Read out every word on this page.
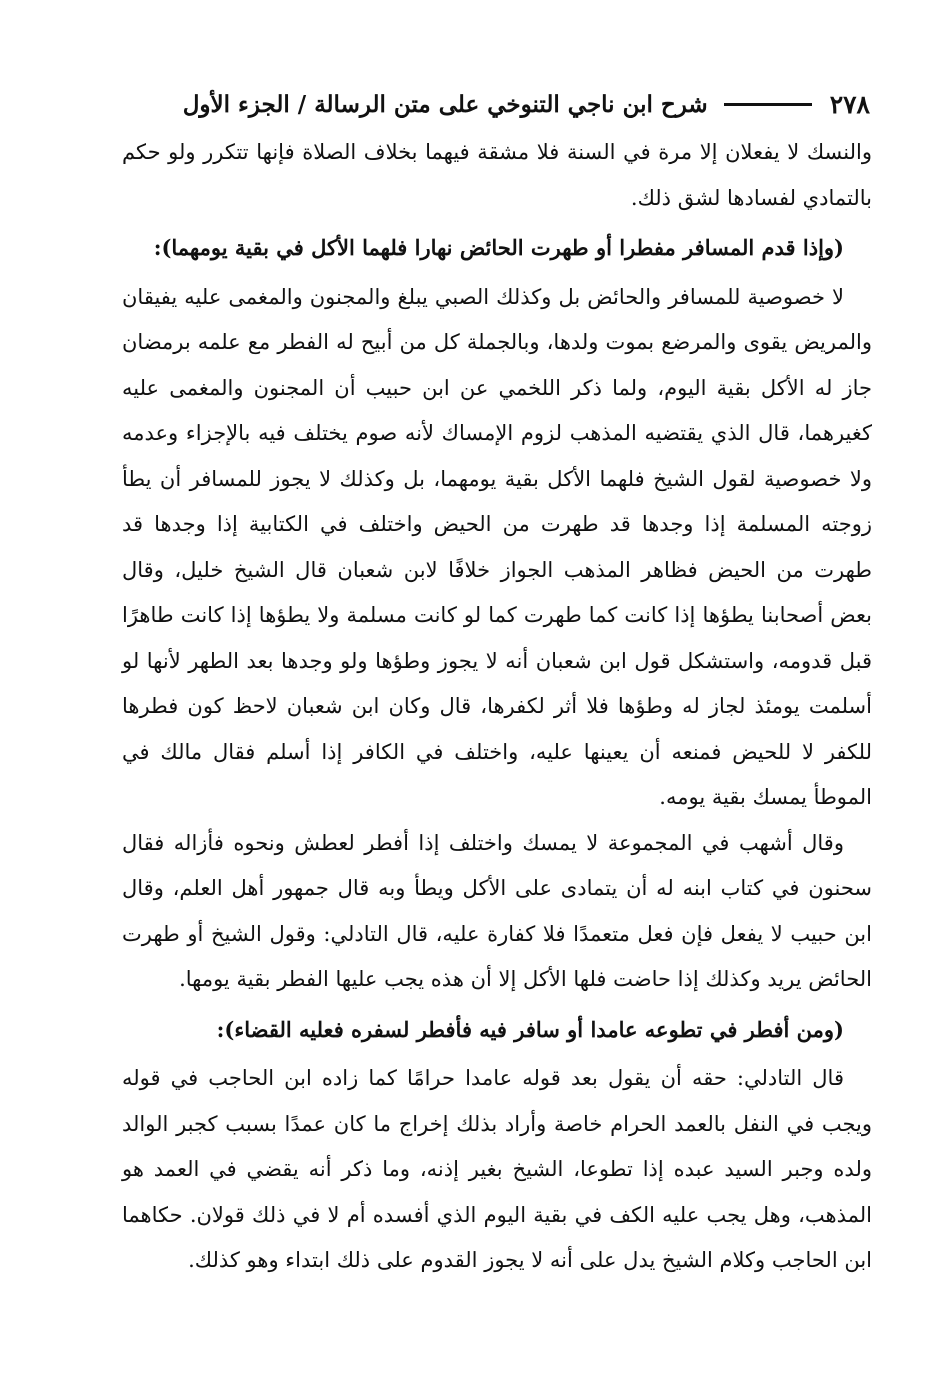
٢٧٨
شرح ابن ناجي التنوخي على متن الرسالة / الجزء الأول

والنسك لا يفعلان إلا مرة في السنة فلا مشقة فيهما بخلاف الصلاة فإنها تتكرر ولو حكم بالتمادي لفسادها لشق ذلك.

(وإذا قدم المسافر مفطرا أو طهرت الحائض نهارا فلهما الأكل في بقية يومهما):

لا خصوصية للمسافر والحائض بل وكذلك الصبي يبلغ والمجنون والمغمى عليه يفيقان والمريض يقوى والمرضع بموت ولدها، وبالجملة كل من أبيح له الفطر مع علمه برمضان جاز له الأكل بقية اليوم، ولما ذكر اللخمي عن ابن حبيب أن المجنون والمغمى عليه كغيرهما، قال الذي يقتضيه المذهب لزوم الإمساك لأنه صوم يختلف فيه بالإجزاء وعدمه ولا خصوصية لقول الشيخ فلهما الأكل بقية يومهما، بل وكذلك لا يجوز للمسافر أن يطأ زوجته المسلمة إذا وجدها قد طهرت من الحيض واختلف في الكتابية إذا وجدها قد طهرت من الحيض فظاهر المذهب الجواز خلافًا لابن شعبان قال الشيخ خليل، وقال بعض أصحابنا يطؤها إذا كانت كما طهرت كما لو كانت مسلمة ولا يطؤها إذا كانت طاهرًا قبل قدومه، واستشكل قول ابن شعبان أنه لا يجوز وطؤها ولو وجدها بعد الطهر لأنها لو أسلمت يومئذ لجاز له وطؤها فلا أثر لكفرها، قال وكان ابن شعبان لاحظ كون فطرها للكفر لا للحيض فمنعه أن يعينها عليه، واختلف في الكافر إذا أسلم فقال مالك في الموطأ يمسك بقية يومه.

وقال أشهب في المجموعة لا يمسك واختلف إذا أفطر لعطش ونحوه فأزاله فقال سحنون في كتاب ابنه له أن يتمادى على الأكل ويطأ وبه قال جمهور أهل العلم، وقال ابن حبيب لا يفعل فإن فعل متعمدًا فلا كفارة عليه، قال التادلي: وقول الشيخ أو طهرت الحائض يريد وكذلك إذا حاضت فلها الأكل إلا أن هذه يجب عليها الفطر بقية يومها.

(ومن أفطر في تطوعه عامدا أو سافر فيه فأفطر لسفره فعليه القضاء):

قال التادلي: حقه أن يقول بعد قوله عامدا حرامًا كما زاده ابن الحاجب في قوله ويجب في النفل بالعمد الحرام خاصة وأراد بذلك إخراج ما كان عمدًا بسبب كجبر الوالد ولده وجبر السيد عبده إذا تطوعا، الشيخ بغير إذنه، وما ذكر أنه يقضي في العمد هو المذهب، وهل يجب عليه الكف في بقية اليوم الذي أفسده أم لا في ذلك قولان. حكاهما ابن الحاجب وكلام الشيخ يدل على أنه لا يجوز القدوم على ذلك ابتداء وهو كذلك.
